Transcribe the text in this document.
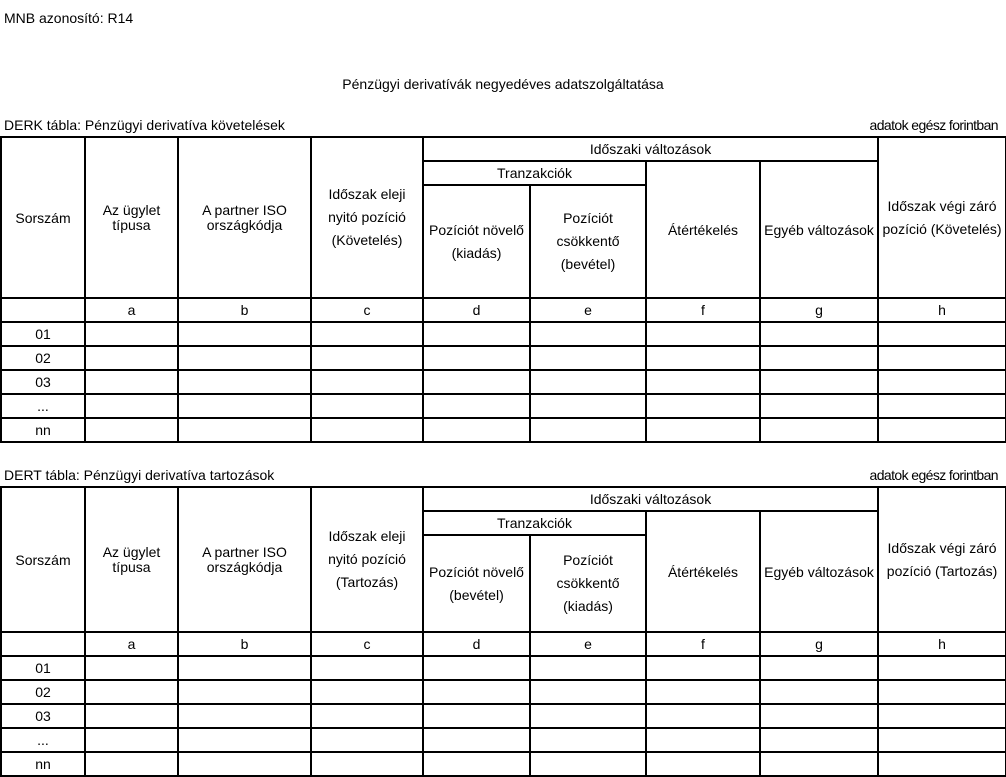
MNB azonosító: R14
Pénzügyi derivatívák negyedéves adatszolgáltatása
DERK tábla: Pénzügyi derivatíva követelések	adatok egész forintban
Sorszám	Az ügylet típusa	A partner ISO országkódja	Időszak eleji nyitó pozíció (Követelés)	Időszaki változások				Időszak végi záró pozíció (Követelés)
				Tranzakciók		Átértékelés	Egyéb változások	
				Pozíciót növelő (kiadás)	Pozíciót csökkentő (bevétel)			
	a	b	c	d	e	f	g	h
01								
02								
03								
...								
nn								
DERT tábla: Pénzügyi derivatíva tartozások	adatok egész forintban
Sorszám	Az ügylet típusa	A partner ISO országkódja	Időszak eleji nyitó pozíció (Tartozás)	Időszaki változások				Időszak végi záró pozíció (Tartozás)
				Tranzakciók		Átértékelés	Egyéb változások	
				Pozíciót növelő (bevétel)	Pozíciót csökkentő (kiadás)			
	a	b	c	d	e	f	g	h
01								
02								
03								
...								
nn								
